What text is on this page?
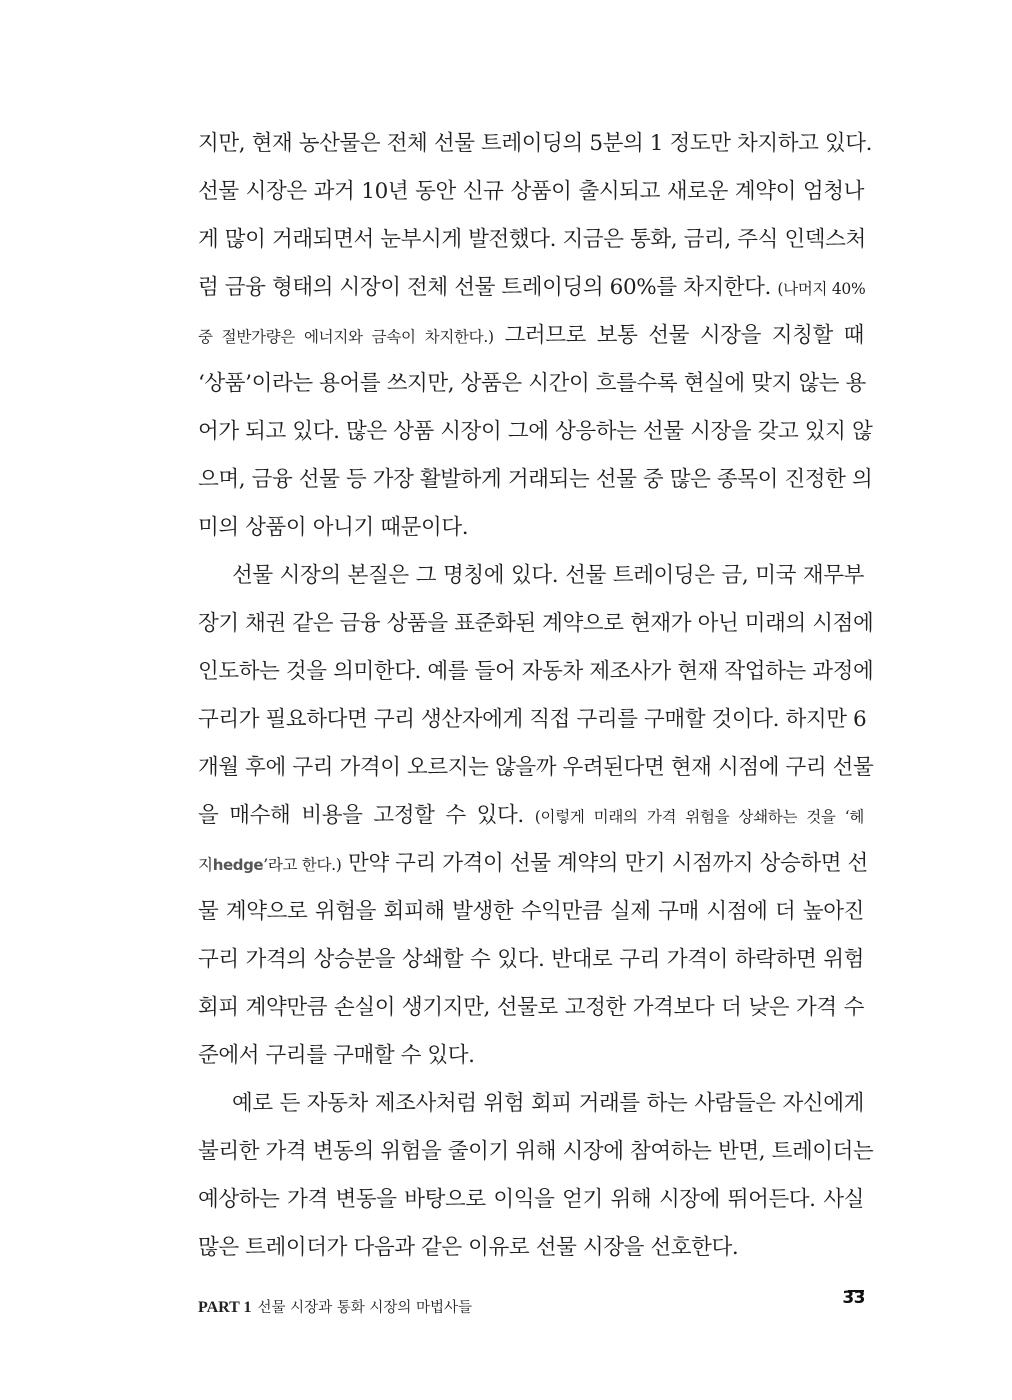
지만, 현재 농산물은 전체 선물 트레이딩의 5분의 1 정도만 차지하고 있다.
선물 시장은 과거 10년 동안 신규 상품이 출시되고 새로운 계약이 엄청나
게 많이 거래되면서 눈부시게 발전했다. 지금은 통화, 금리, 주식 인덱스처
럼 금융 형태의 시장이 전체 선물 트레이딩의 60%를 차지한다. (나머지 40%
중 절반가량은 에너지와 금속이 차지한다.) 그러므로 보통 선물 시장을 지칭할 때
‘상품’이라는 용어를 쓰지만, 상품은 시간이 흐를수록 현실에 맞지 않는 용
어가 되고 있다. 많은 상품 시장이 그에 상응하는 선물 시장을 갖고 있지 않
으며, 금융 선물 등 가장 활발하게 거래되는 선물 중 많은 종목이 진정한 의
미의 상품이 아니기 때문이다.
선물 시장의 본질은 그 명칭에 있다. 선물 트레이딩은 금, 미국 재무부
장기 채권 같은 금융 상품을 표준화된 계약으로 현재가 아닌 미래의 시점에
인도하는 것을 의미한다. 예를 들어 자동차 제조사가 현재 작업하는 과정에
구리가 필요하다면 구리 생산자에게 직접 구리를 구매할 것이다. 하지만 6
개월 후에 구리 가격이 오르지는 않을까 우려된다면 현재 시점에 구리 선물
을 매수해 비용을 고정할 수 있다. (이렇게 미래의 가격 위험을 상쇄하는 것을 ‘헤
지hedge’라고 한다.) 만약 구리 가격이 선물 계약의 만기 시점까지 상승하면 선
물 계약으로 위험을 회피해 발생한 수익만큼 실제 구매 시점에 더 높아진
구리 가격의 상승분을 상쇄할 수 있다. 반대로 구리 가격이 하락하면 위험
회피 계약만큼 손실이 생기지만, 선물로 고정한 가격보다 더 낮은 가격 수
준에서 구리를 구매할 수 있다.
예로 든 자동차 제조사처럼 위험 회피 거래를 하는 사람들은 자신에게
불리한 가격 변동의 위험을 줄이기 위해 시장에 참여하는 반면, 트레이더는
예상하는 가격 변동을 바탕으로 이익을 얻기 위해 시장에 뛰어든다. 사실
많은 트레이더가 다음과 같은 이유로 선물 시장을 선호한다.
PART 1 선물 시장과 통화 시장의 마법사들	33
